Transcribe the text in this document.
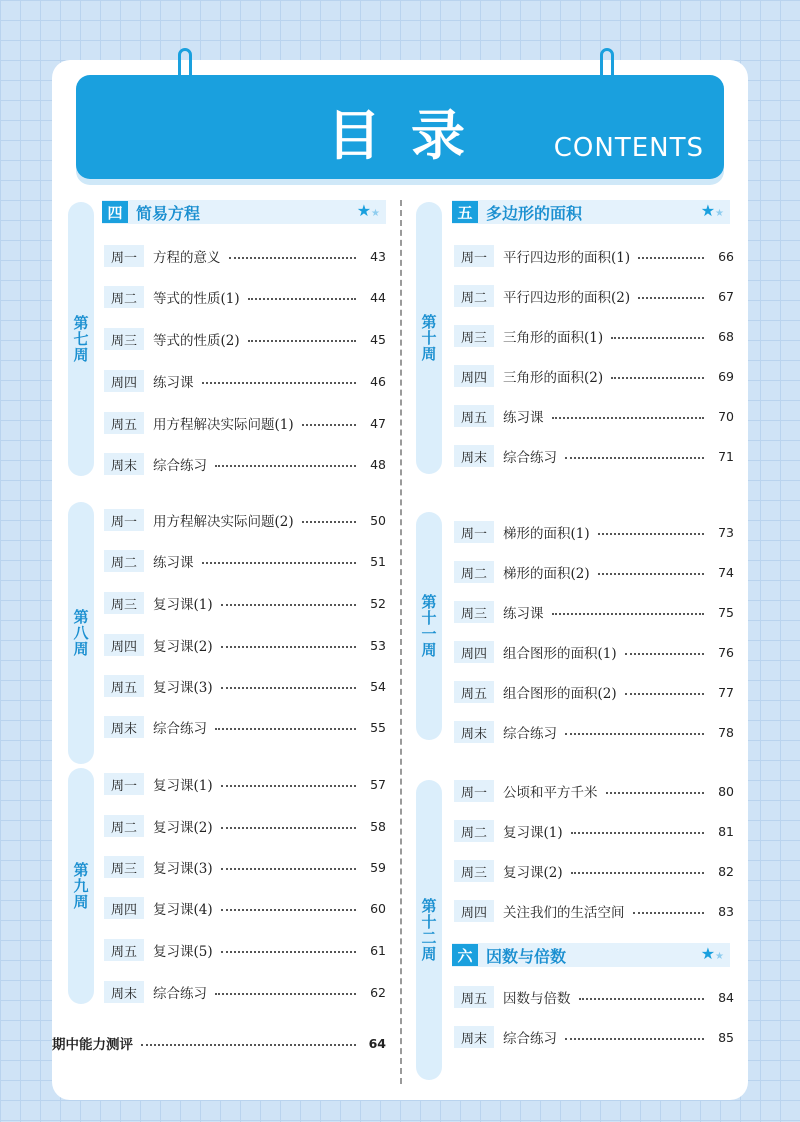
目录	CONTENTS
四 简易方程	★★
第七周
第八周
第九周
周一	方程的意义	43
周二	等式的性质(1)	44
周三	等式的性质(2)	45
周四	练习课	46
周五	用方程解决实际问题(1)	47
周末	综合练习	48
周一	用方程解决实际问题(2)	50
周二	练习课	51
周三	复习课(1)	52
周四	复习课(2)	53
周五	复习课(3)	54
周末	综合练习	55
周一	复习课(1)	57
周二	复习课(2)	58
周三	复习课(3)	59
周四	复习课(4)	60
周五	复习课(5)	61
周末	综合练习	62
期中能力测评	64
五 多边形的面积	★★
六 因数与倍数	★★
第十周
第十一周
第十二周
周一	平行四边形的面积(1)	66
周二	平行四边形的面积(2)	67
周三	三角形的面积(1)	68
周四	三角形的面积(2)	69
周五	练习课	70
周末	综合练习	71
周一	梯形的面积(1)	73
周二	梯形的面积(2)	74
周三	练习课	75
周四	组合图形的面积(1)	76
周五	组合图形的面积(2)	77
周末	综合练习	78
周一	公顷和平方千米	80
周二	复习课(1)	81
周三	复习课(2)	82
周四	关注我们的生活空间	83
周五	因数与倍数	84
周末	综合练习	85
